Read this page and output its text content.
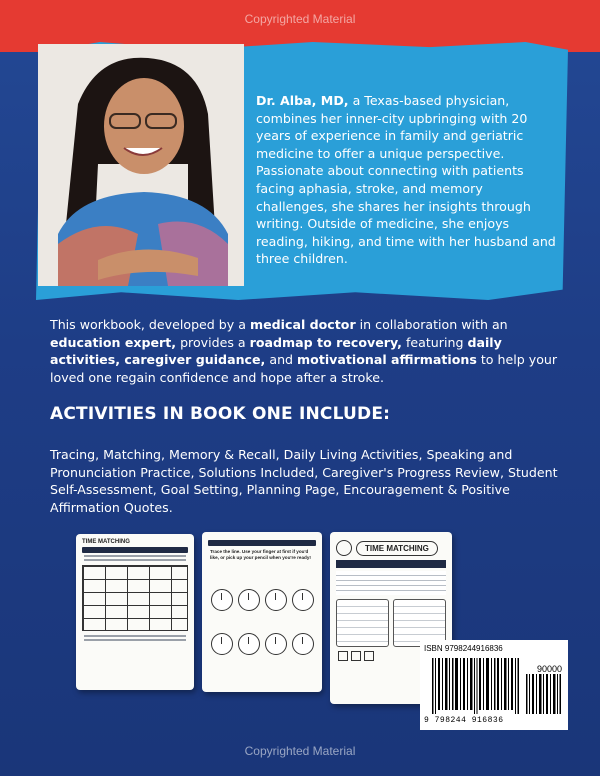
Copyrighted Material
Dr. Alba, MD, a Texas-based physician, combines her inner-city upbringing with 20 years of experience in family and geriatric medicine to offer a unique perspective. Passionate about connecting with patients facing aphasia, stroke, and memory challenges, she shares her insights through writing. Outside of medicine, she enjoys reading, hiking, and time with her husband and three children.
This workbook, developed by a medical doctor in collaboration with an education expert, provides a roadmap to recovery, featuring daily activities, caregiver guidance, and motivational affirmations to help your loved one regain confidence and hope after a stroke.
ACTIVITIES IN BOOK ONE INCLUDE:
Tracing, Matching, Memory & Recall, Daily Living Activities, Speaking and Pronunciation Practice, Solutions Included, Caregiver's Progress Review, Student Self-Assessment, Goal Setting, Planning Page, Encouragement & Positive Affirmation Quotes.
TIME MATCHING
Trace the line. Use your finger at first if you'd like, or pick up your pencil when you're ready!
TIME MATCHING
ISBN 9798244916836
90000
9 798244 916836
Copyrighted Material
